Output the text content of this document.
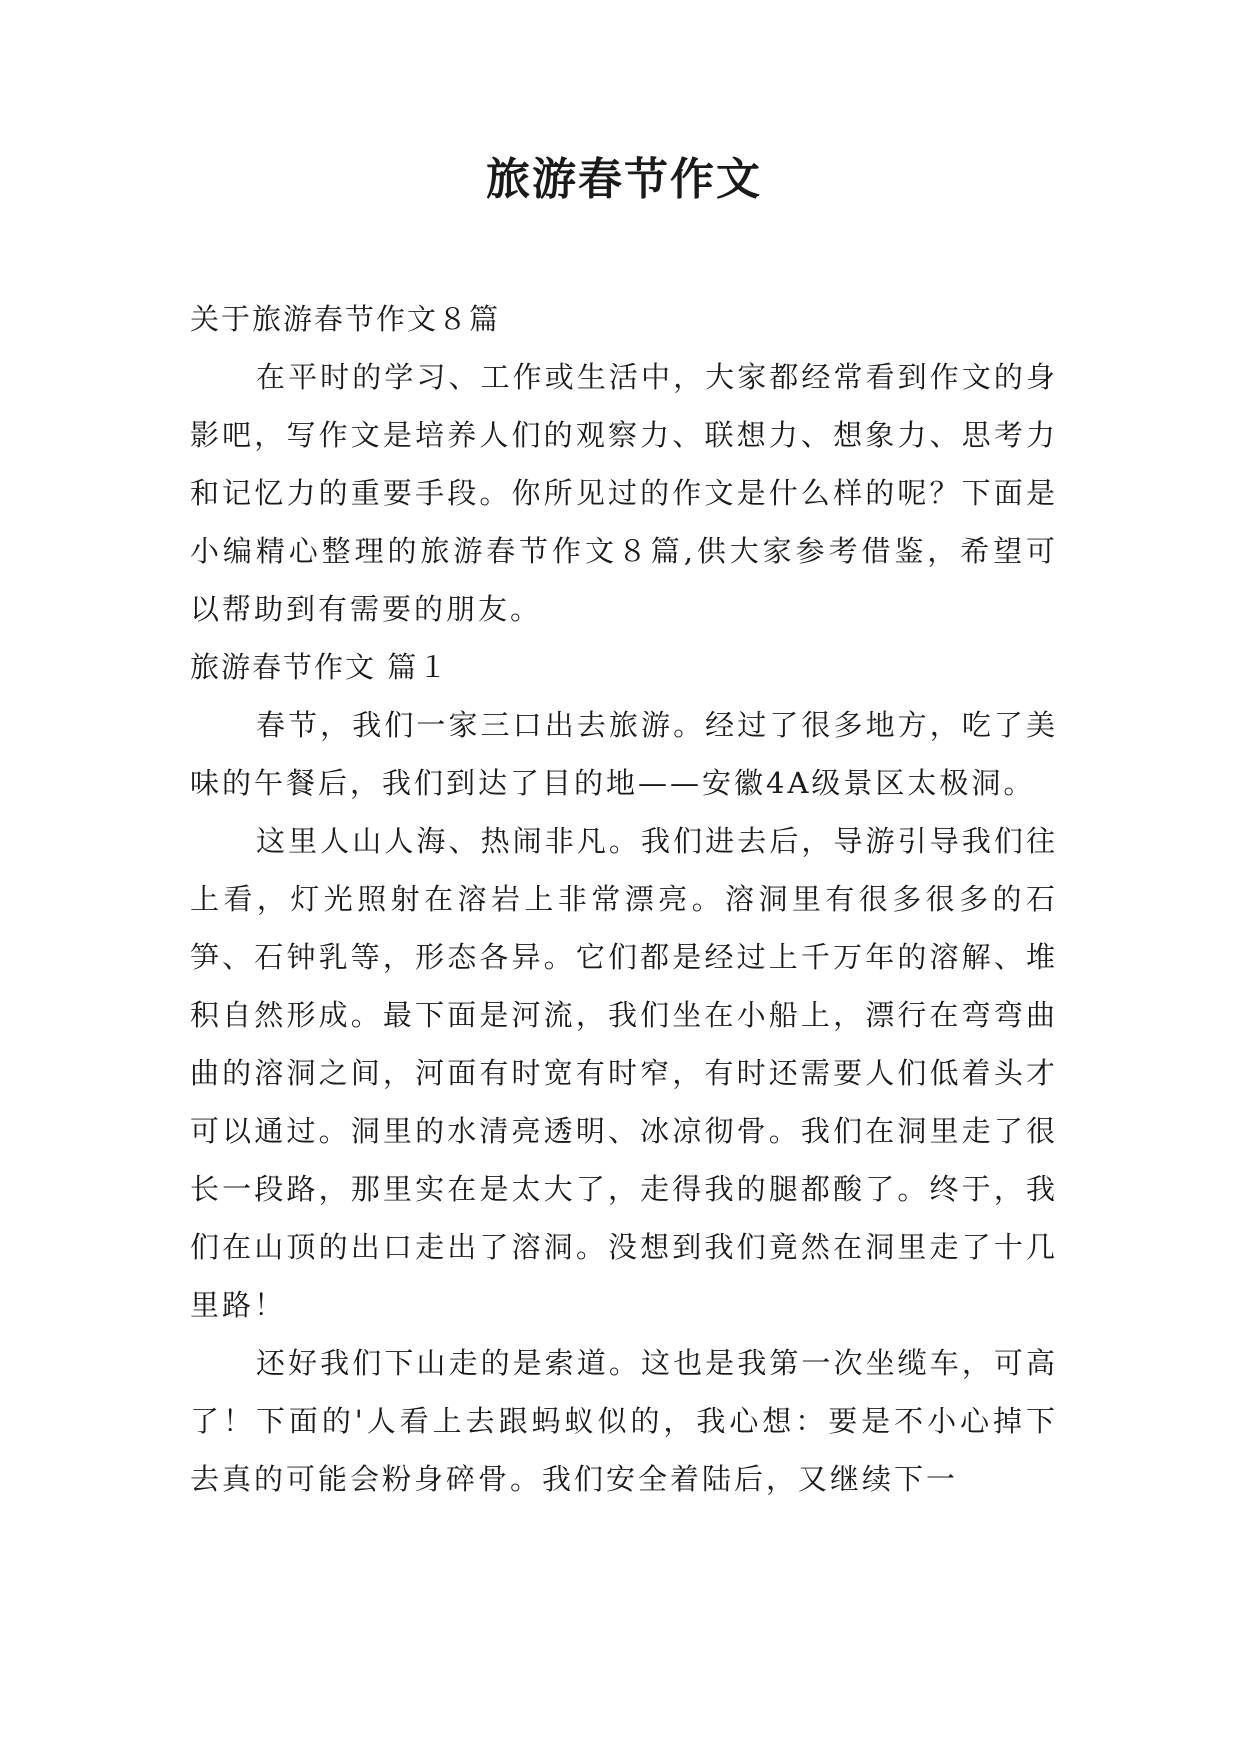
旅游春节作文

关于旅游春节作文８篇

在平时的学习、工作或生活中，大家都经常看到作文的身影吧，写作文是培养人们的观察力、联想力、想象力、思考力和记忆力的重要手段。你所见过的作文是什么样的呢？下面是小编精心整理的旅游春节作文８篇,供大家参考借鉴，希望可以帮助到有需要的朋友。

旅游春节作文 篇１

春节，我们一家三口出去旅游。经过了很多地方，吃了美味的午餐后，我们到达了目的地——安徽4A级景区太极洞。

这里人山人海、热闹非凡。我们进去后，导游引导我们往上看，灯光照射在溶岩上非常漂亮。溶洞里有很多很多的石笋、石钟乳等，形态各异。它们都是经过上千万年的溶解、堆积自然形成。最下面是河流，我们坐在小船上，漂行在弯弯曲曲的溶洞之间，河面有时宽有时窄，有时还需要人们低着头才可以通过。洞里的水清亮透明、冰凉彻骨。我们在洞里走了很长一段路，那里实在是太大了，走得我的腿都酸了。终于，我们在山顶的出口走出了溶洞。没想到我们竟然在洞里走了十几里路！

还好我们下山走的是索道。这也是我第一次坐缆车，可高了！下面的'人看上去跟蚂蚁似的，我心想：要是不小心掉下去真的可能会粉身碎骨。我们安全着陆后，又继续下一
